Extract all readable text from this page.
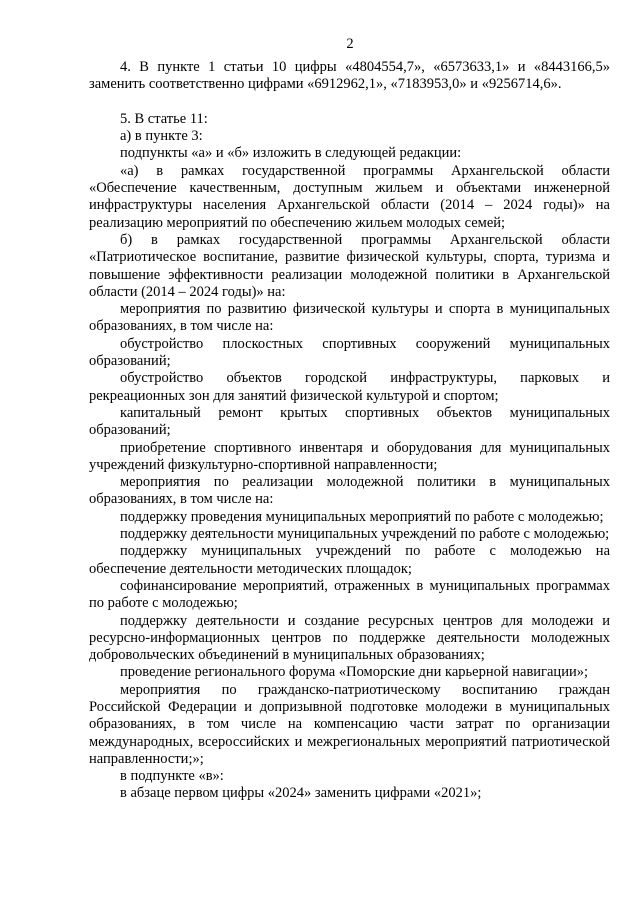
2

4. В пункте 1 статьи 10 цифры «4804554,7», «6573633,1» и «8443166,5» заменить соответственно цифрами «6912962,1», «7183953,0» и «9256714,6».

5. В статье 11:

а) в пункте 3:

подпункты «а» и «б» изложить в следующей редакции:

«а) в рамках государственной программы Архангельской области «Обеспечение качественным, доступным жильем и объектами инженерной инфраструктуры населения Архангельской области (2014 – 2024 годы)» на реализацию мероприятий по обеспечению жильем молодых семей;

б) в рамках государственной программы Архангельской области «Патриотическое воспитание, развитие физической культуры, спорта, туризма и повышение эффективности реализации молодежной политики в Архангельской области (2014 – 2024 годы)» на:

мероприятия по развитию физической культуры и спорта в муниципальных образованиях, в том числе на:

обустройство плоскостных спортивных сооружений муниципальных образований;

обустройство объектов городской инфраструктуры, парковых и рекреационных зон для занятий физической культурой и спортом;

капитальный ремонт крытых спортивных объектов муниципальных образований;

приобретение спортивного инвентаря и оборудования для муниципальных учреждений физкультурно-спортивной направленности;

мероприятия по реализации молодежной политики в муниципальных образованиях, в том числе на:

поддержку проведения муниципальных мероприятий по работе с молодежью;

поддержку деятельности муниципальных учреждений по работе с молодежью;

поддержку муниципальных учреждений по работе с молодежью на обеспечение деятельности методических площадок;

софинансирование мероприятий, отраженных в муниципальных программах по работе с молодежью;

поддержку деятельности и создание ресурсных центров для молодежи и ресурсно-информационных центров по поддержке деятельности молодежных добровольческих объединений в муниципальных образованиях;

проведение регионального форума «Поморские дни карьерной навигации»;

мероприятия по гражданско-патриотическому воспитанию граждан Российской Федерации и допризывной подготовке молодежи в муниципальных образованиях, в том числе на компенсацию части затрат по организации международных, всероссийских и межрегиональных мероприятий патриотической направленности;»;

в подпункте «в»:

в абзаце первом цифры «2024» заменить цифрами «2021»;
